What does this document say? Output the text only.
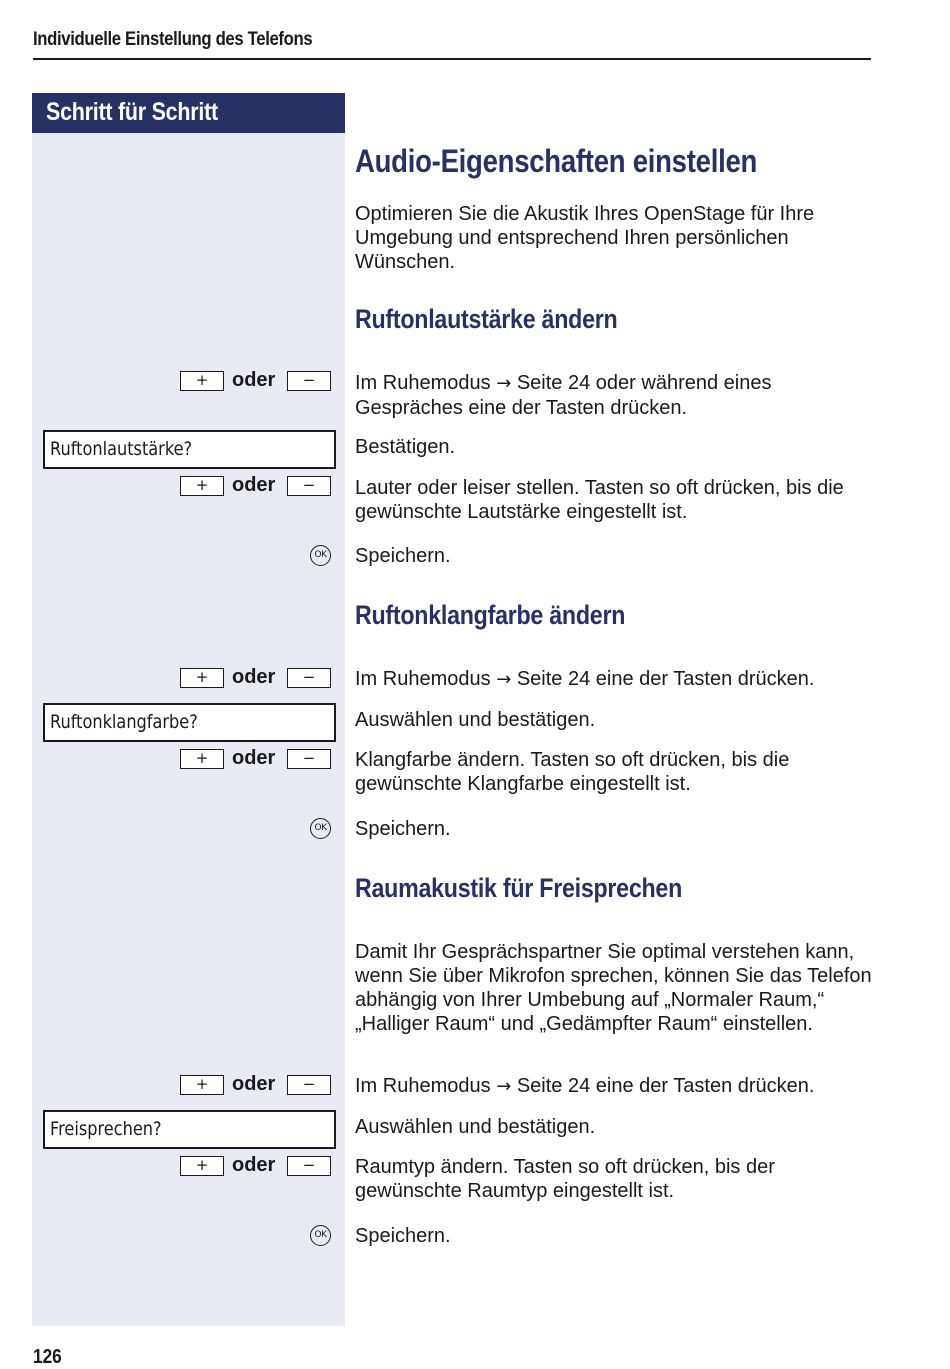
Individuelle Einstellung des Telefons
Schritt für Schritt
Audio-Eigenschaften einstellen
Optimieren Sie die Akustik Ihres OpenStage für Ihre Umgebung und entsprechend Ihren persönlichen Wünschen.
Ruftonlautstärke ändern
+	oder	−	Im Ruhemodus → Seite 24 oder während eines Gespräches eine der Tasten drücken.
Ruftonlautstärke?	Bestätigen.
+	oder	−	Lauter oder leiser stellen. Tasten so oft drücken, bis die gewünschte Lautstärke eingestellt ist.
OK Speichern.
Ruftonklangfarbe ändern
+	oder	−	Im Ruhemodus → Seite 24 eine der Tasten drücken.
Ruftonklangfarbe?	Auswählen und bestätigen.
+	oder	−	Klangfarbe ändern. Tasten so oft drücken, bis die gewünschte Klangfarbe eingestellt ist.
OK Speichern.
Raumakustik für Freisprechen
Damit Ihr Gesprächspartner Sie optimal verstehen kann, wenn Sie über Mikrofon sprechen, können Sie das Telefon abhängig von Ihrer Umbebung auf „Normaler Raum,“ „Halliger Raum“ und „Gedämpfter Raum“ einstellen.
+	oder	−	Im Ruhemodus → Seite 24 eine der Tasten drücken.
Freisprechen?	Auswählen und bestätigen.
+	oder	−	Raumtyp ändern. Tasten so oft drücken, bis der gewünschte Raumtyp eingestellt ist.
OK Speichern.
126
